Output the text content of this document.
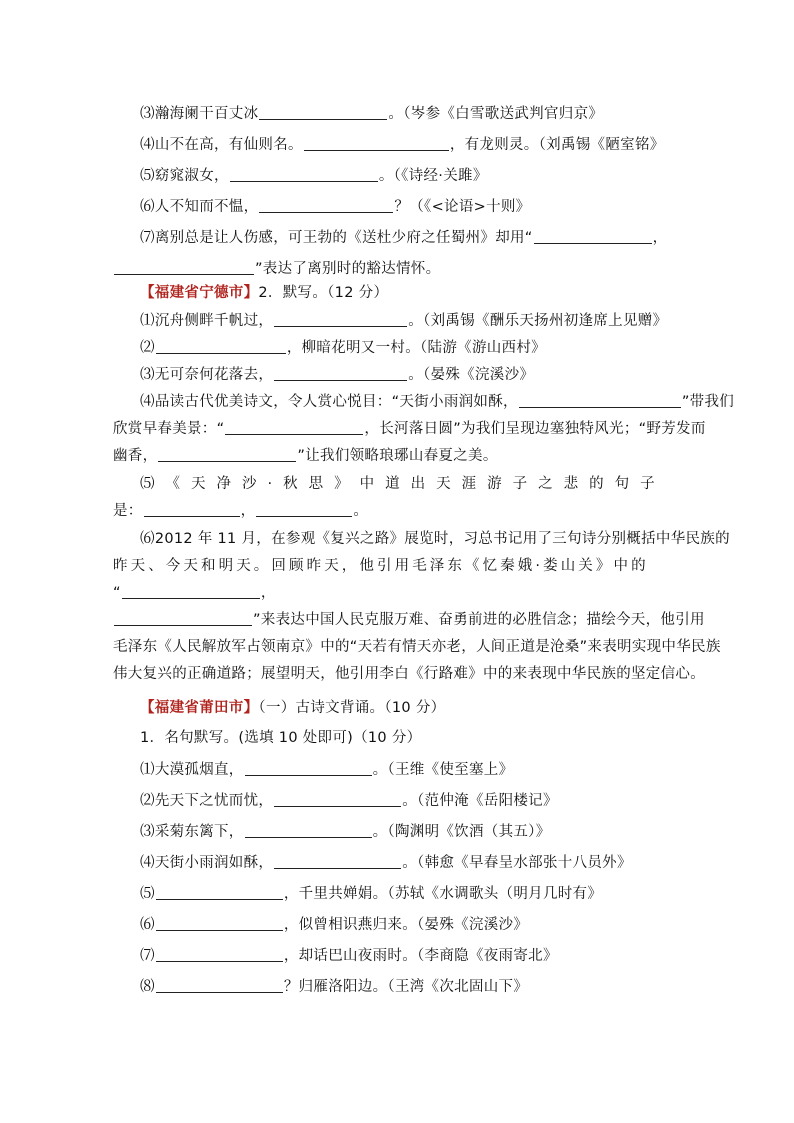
⑶瀚海阑干百丈冰	。（岑参《白雪歌送武判官归京》
⑷山不在高，有仙则名。	，有龙则灵。（刘禹锡《陋室铭》
⑸窈窕淑女，	。（《诗经·关雎》
⑹人不知而不愠，	？（《<论语>十则》
⑺离别总是让人伤感，可王勃的《送杜少府之任蜀州》却用“	，
”表达了离别时的豁达情怀。
【福建省宁德市】2．默写。（12 分）
⑴沉舟侧畔千帆过，	。（刘禹锡《酬乐天扬州初逢席上见赠》
⑵	，柳暗花明又一村。（陆游《游山西村》
⑶无可奈何花落去，	。（晏殊《浣溪沙》
⑷品读古代优美诗文，令人赏心悦目：“天街小雨润如酥，	”带我们
欣赏早春美景：“	，长河落日圆”为我们呈现边塞独特风光；“野芳发而
幽香，	”让我们领略琅琊山春夏之美。
⑸《天净沙·秋思》中道出天涯游子之悲的句子
是：	，	。
⑹2012 年 11 月，在参观《复兴之路》展览时，习总书记用了三句诗分别概括中华民族的
昨天、今天和明天。回顾昨天，他引用毛泽东《忆秦娥·娄山关》中的
“	，
”来表达中国人民克服万难、奋勇前进的必胜信念；描绘今天，他引用
毛泽东《人民解放军占领南京》中的“天若有情天亦老，人间正道是沧桑”来表明实现中华民族
伟大复兴的正确道路；展望明天，他引用李白《行路难》中的来表现中华民族的坚定信心。
【福建省莆田市】（一）古诗文背诵。（10 分）
1．名句默写。(选填 10 处即可)（10 分）
⑴大漠孤烟直，	。（王维《使至塞上》
⑵先天下之忧而忧，	。（范仲淹《岳阳楼记》
⑶采菊东篱下，	。（陶渊明《饮酒（其五）》
⑷天街小雨润如酥，	。（韩愈《早春呈水部张十八员外》
⑸	，千里共婵娟。（苏轼《水调歌头（明月几时有》
⑹	，似曾相识燕归来。（晏殊《浣溪沙》
⑺	，却话巴山夜雨时。（李商隐《夜雨寄北》
⑻	？归雁洛阳边。（王湾《次北固山下》
